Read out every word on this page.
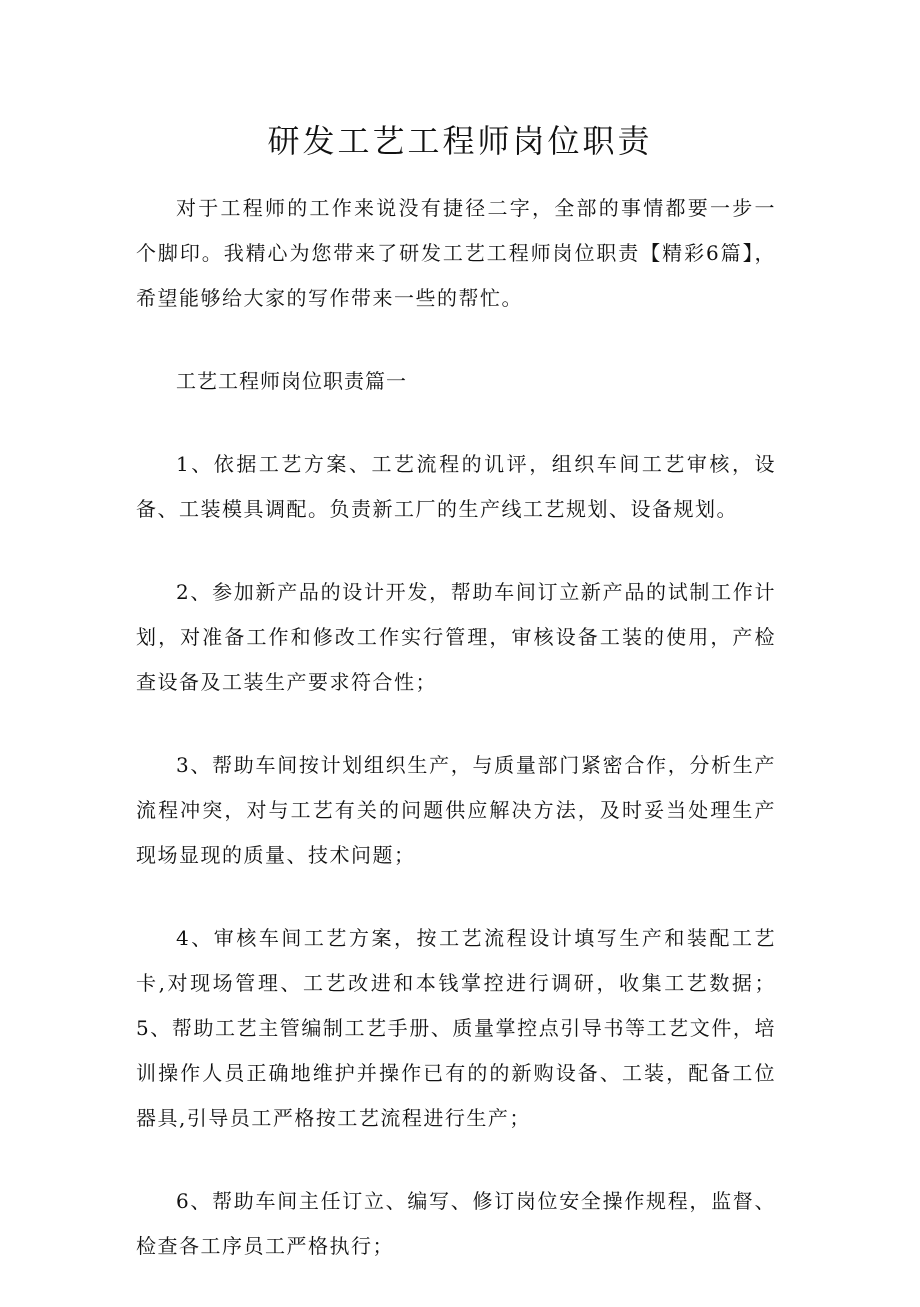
研发工艺工程师岗位职责

对于工程师的工作来说没有捷径二字，全部的事情都要一步一个脚印。我精心为您带来了研发工艺工程师岗位职责【精彩6篇】，希望能够给大家的写作带来一些的帮忙。

工艺工程师岗位职责篇一

1、依据工艺方案、工艺流程的讥评，组织车间工艺审核，设备、工装模具调配。负责新工厂的生产线工艺规划、设备规划。

2、参加新产品的设计开发，帮助车间订立新产品的试制工作计划，对准备工作和修改工作实行管理，审核设备工装的使用，产检查设备及工装生产要求符合性；

3、帮助车间按计划组织生产，与质量部门紧密合作，分析生产流程冲突，对与工艺有关的问题供应解决方法，及时妥当处理生产现场显现的质量、技术问题；

4、审核车间工艺方案，按工艺流程设计填写生产和装配工艺卡,对现场管理、工艺改进和本钱掌控进行调研，收集工艺数据；5、帮助工艺主管编制工艺手册、质量掌控点引导书等工艺文件，培训操作人员正确地维护并操作已有的的新购设备、工装，配备工位器具,引导员工严格按工艺流程进行生产；

6、帮助车间主任订立、编写、修订岗位安全操作规程，监督、检查各工序员工严格执行；
